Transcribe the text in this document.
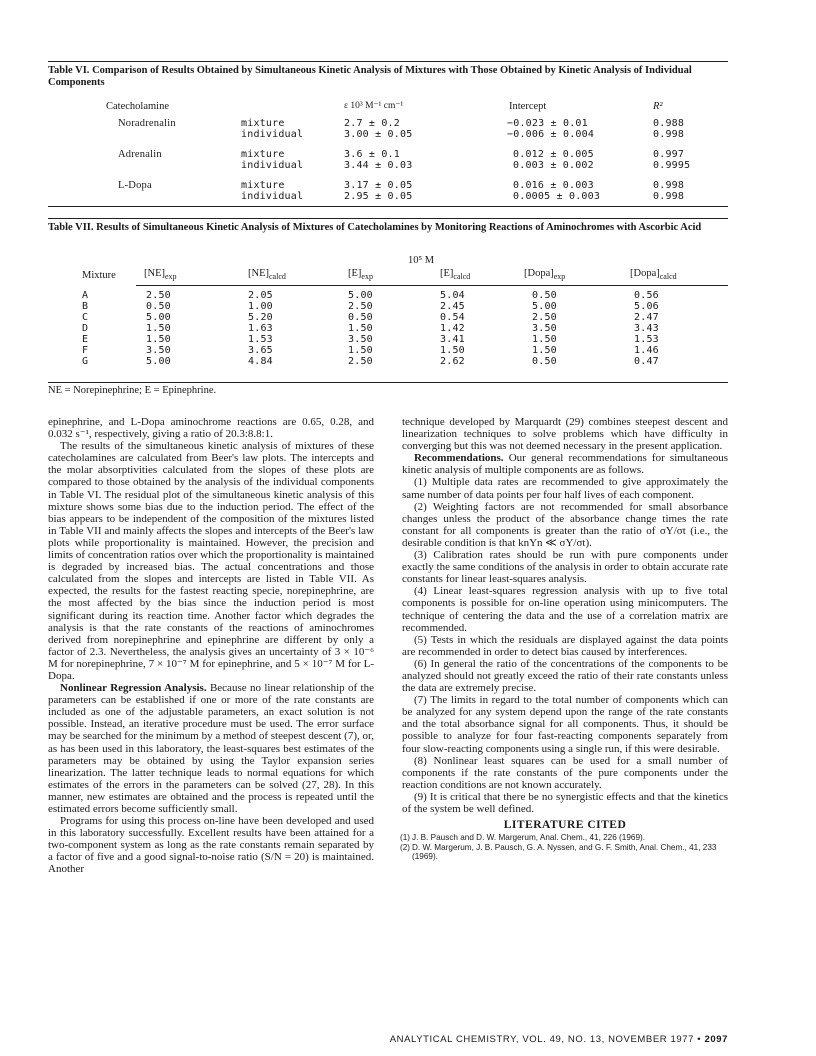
Table VI. Comparison of Results Obtained by Simultaneous Kinetic Analysis of Mixtures with Those Obtained by Kinetic Analysis of Individual Components
	Catecholamine		ε 10³ M⁻¹ cm⁻¹	Intercept	R²
	Noradrenalin	mixture	2.7 ± 0.2	−0.023 ± 0.01	0.988
		individual	3.00 ± 0.05	−0.006 ± 0.004	0.998
	Adrenalin	mixture	3.6 ± 0.1	0.012 ± 0.005	0.997
		individual	3.44 ± 0.03	0.003 ± 0.002	0.9995
	L-Dopa	mixture	3.17 ± 0.05	0.016 ± 0.003	0.998
		individual	2.95 ± 0.05	0.0005 ± 0.003	0.998
Table VII. Results of Simultaneous Kinetic Analysis of Mixtures of Catecholamines by Monitoring Reactions of Aminochromes with Ascorbic Acid
10⁵ M
Mixture	$[NE]_{exp}$	$[NE]_{calcd}$	$[E]_{exp}$	$[E]_{calcd}$	$[Dopa]_{exp}$	$[Dopa]_{calcd}$
A	2.50	2.05	5.00	5.04	0.50	0.56
B	0.50	1.00	2.50	2.45	5.00	5.06
C	5.00	5.20	0.50	0.54	2.50	2.47
D	1.50	1.63	1.50	1.42	3.50	3.43
E	1.50	1.53	3.50	3.41	1.50	1.53
F	3.50	3.65	1.50	1.50	1.50	1.46
G	5.00	4.84	2.50	2.62	0.50	0.47
NE = Norepinephrine; E = Epinephrine.

epinephrine, and L-Dopa aminochrome reactions are 0.65, 0.28, and 0.032 s⁻¹, respectively, giving a ratio of 20.3:8.8:1.

The results of the simultaneous kinetic analysis of mixtures of these catecholamines are calculated from Beer's law plots. The intercepts and the molar absorptivities calculated from the slopes of these plots are compared to those obtained by the analysis of the individual components in Table VI. The residual plot of the simultaneous kinetic analysis of this mixture shows some bias due to the induction period. The effect of the bias appears to be independent of the composition of the mixtures listed in Table VII and mainly affects the slopes and intercepts of the Beer's law plots while proportionality is maintained. However, the precision and limits of concentration ratios over which the proportionality is maintained is degraded by increased bias. The actual concentrations and those calculated from the slopes and intercepts are listed in Table VII. As expected, the results for the fastest reacting specie, norepinephrine, are the most affected by the bias since the induction period is most significant during its reaction time. Another factor which degrades the analysis is that the rate constants of the reactions of aminochromes derived from norepinephrine and epinephrine are different by only a factor of 2.3. Nevertheless, the analysis gives an uncertainty of 3 × 10⁻⁶ M for norepinephrine, 7 × 10⁻⁷ M for epinephrine, and 5 × 10⁻⁷ M for L-Dopa.

Nonlinear Regression Analysis. Because no linear relationship of the parameters can be established if one or more of the rate constants are included as one of the adjustable parameters, an exact solution is not possible. Instead, an iterative procedure must be used. The error surface may be searched for the minimum by a method of steepest descent (7), or, as has been used in this laboratory, the least-squares best estimates of the parameters may be obtained by using the Taylor expansion series linearization. The latter technique leads to normal equations for which estimates of the errors in the parameters can be solved (27, 28). In this manner, new estimates are obtained and the process is repeated until the estimated errors become sufficiently small.

Programs for using this process on-line have been developed and used in this laboratory successfully. Excellent results have been attained for a two-component system as long as the rate constants remain separated by a factor of five and a good signal-to-noise ratio (S/N = 20) is maintained. Another

technique developed by Marquardt (29) combines steepest descent and linearization techniques to solve problems which have difficulty in converging but this was not deemed necessary in the present application.

Recommendations. Our general recommendations for simultaneous kinetic analysis of multiple components are as follows.

(1) Multiple data rates are recommended to give approximately the same number of data points per four half lives of each component.

(2) Weighting factors are not recommended for small absorbance changes unless the product of the absorbance change times the rate constant for all components is greater than the ratio of σY/σt (i.e., the desirable condition is that knYn ≪ σY/σt).

(3) Calibration rates should be run with pure components under exactly the same conditions of the analysis in order to obtain accurate rate constants for linear least-squares analysis.

(4) Linear least-squares regression analysis with up to five total components is possible for on-line operation using minicomputers. The technique of centering the data and the use of a correlation matrix are recommended.

(5) Tests in which the residuals are displayed against the data points are recommended in order to detect bias caused by interferences.

(6) In general the ratio of the concentrations of the components to be analyzed should not greatly exceed the ratio of their rate constants unless the data are extremely precise.

(7) The limits in regard to the total number of components which can be analyzed for any system depend upon the range of the rate constants and the total absorbance signal for all components. Thus, it should be possible to analyze for four fast-reacting components separately from four slow-reacting components using a single run, if this were desirable.

(8) Nonlinear least squares can be used for a small number of components if the rate constants of the pure components under the reaction conditions are not known accurately.

(9) It is critical that there be no synergistic effects and that the kinetics of the system be well defined.

LITERATURE CITED

(1) J. B. Pausch and D. W. Margerum, Anal. Chem., 41, 226 (1969).

(2) D. W. Margerum, J. B. Pausch, G. A. Nyssen, and G. F. Smith, Anal. Chem., 41, 233 (1969).

ANALYTICAL CHEMISTRY, VOL. 49, NO. 13, NOVEMBER 1977 • 2097
